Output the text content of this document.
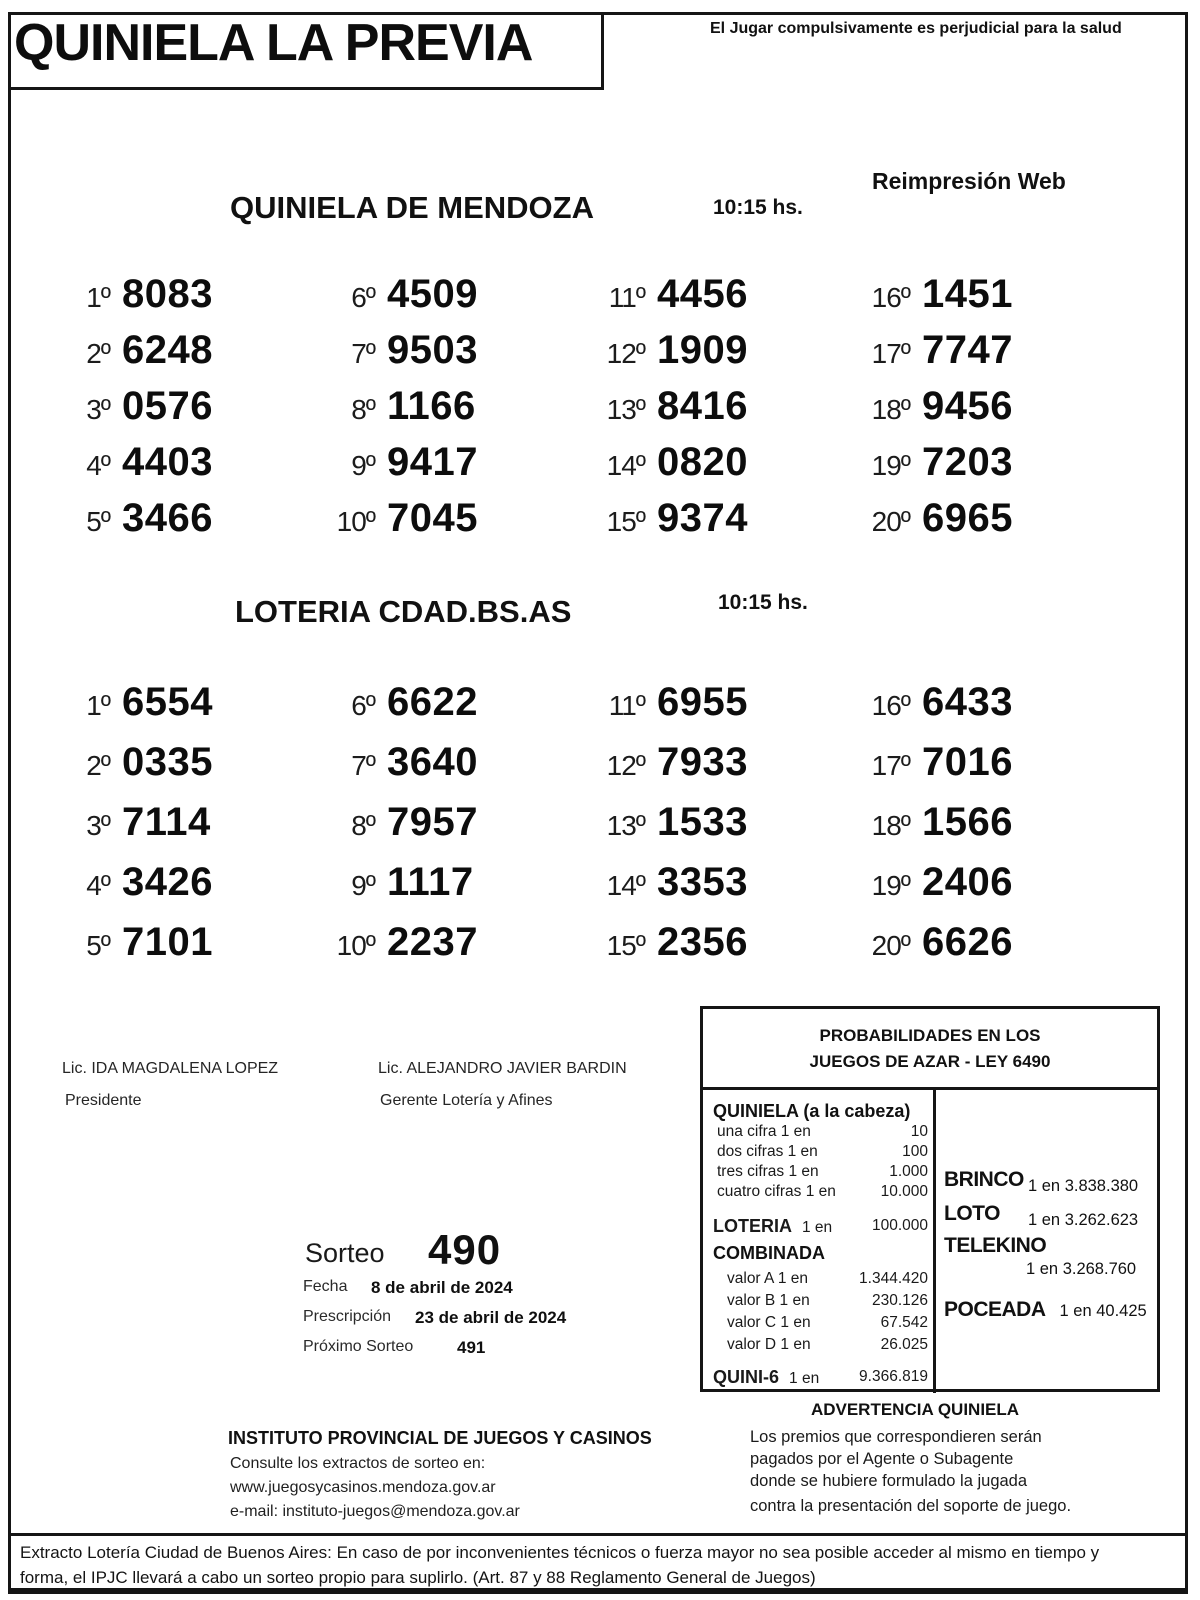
QUINIELA LA PREVIA	El Jugar compulsivamente es perjudicial para la salud
Reimpresión Web
QUINIELA DE MENDOZA	10:15 hs.
1º 8083
2º 6248
3º 0576
4º 4403
5º 3466
6º 4509
7º 9503
8º 1166
9º 9417
10º 7045
11º 4456
12º 1909
13º 8416
14º 0820
15º 9374
16º 1451
17º 7747
18º 9456
19º 7203
20º 6965
LOTERIA CDAD.BS.AS	10:15 hs.
1º 6554
2º 0335
3º 7114
4º 3426
5º 7101
6º 6622
7º 3640
8º 7957
9º 1117
10º 2237
11º 6955
12º 7933
13º 1533
14º 3353
15º 2356
16º 6433
17º 7016
18º 1566
19º 2406
20º 6626
Lic. IDA MAGDALENA LOPEZ
Presidente
Lic. ALEJANDRO JAVIER BARDIN
Gerente Lotería y Afines
PROBABILIDADES EN LOS
JUEGOS DE AZAR - LEY 6490
QUINIELA (a la cabeza)
una cifra 1 en	10
dos cifras 1 en	100
tres cifras 1 en	1.000
cuatro cifras 1 en	10.000
LOTERIA 1 en	100.000
COMBINADA
valor A 1 en	1.344.420
valor B 1 en	230.126
valor C 1 en	67.542
valor D 1 en	26.025
QUINI-6 1 en	9.366.819
BRINCO 1 en 3.838.380
LOTO	1 en 3.262.623
TELEKINO
1 en 3.268.760
POCEADA 1 en 40.425
Sorteo 490
Fecha	8 de abril de 2024
Prescripción	23 de abril de 2024
Próximo Sorteo	491
INSTITUTO PROVINCIAL DE JUEGOS Y CASINOS
Consulte los extractos de sorteo en:
www.juegosycasinos.mendoza.gov.ar
e-mail: instituto-juegos@mendoza.gov.ar
ADVERTENCIA QUINIELA
Los premios que correspondieren serán
pagados por el Agente o Subagente
donde se hubiere formulado la jugada
contra la presentación del soporte de juego.
Extracto Lotería Ciudad de Buenos Aires: En caso de por inconvenientes técnicos o fuerza mayor no sea posible acceder al mismo en tiempo y
forma, el IPJC llevará a cabo un sorteo propio para suplirlo. (Art. 87 y 88 Reglamento General de Juegos)
